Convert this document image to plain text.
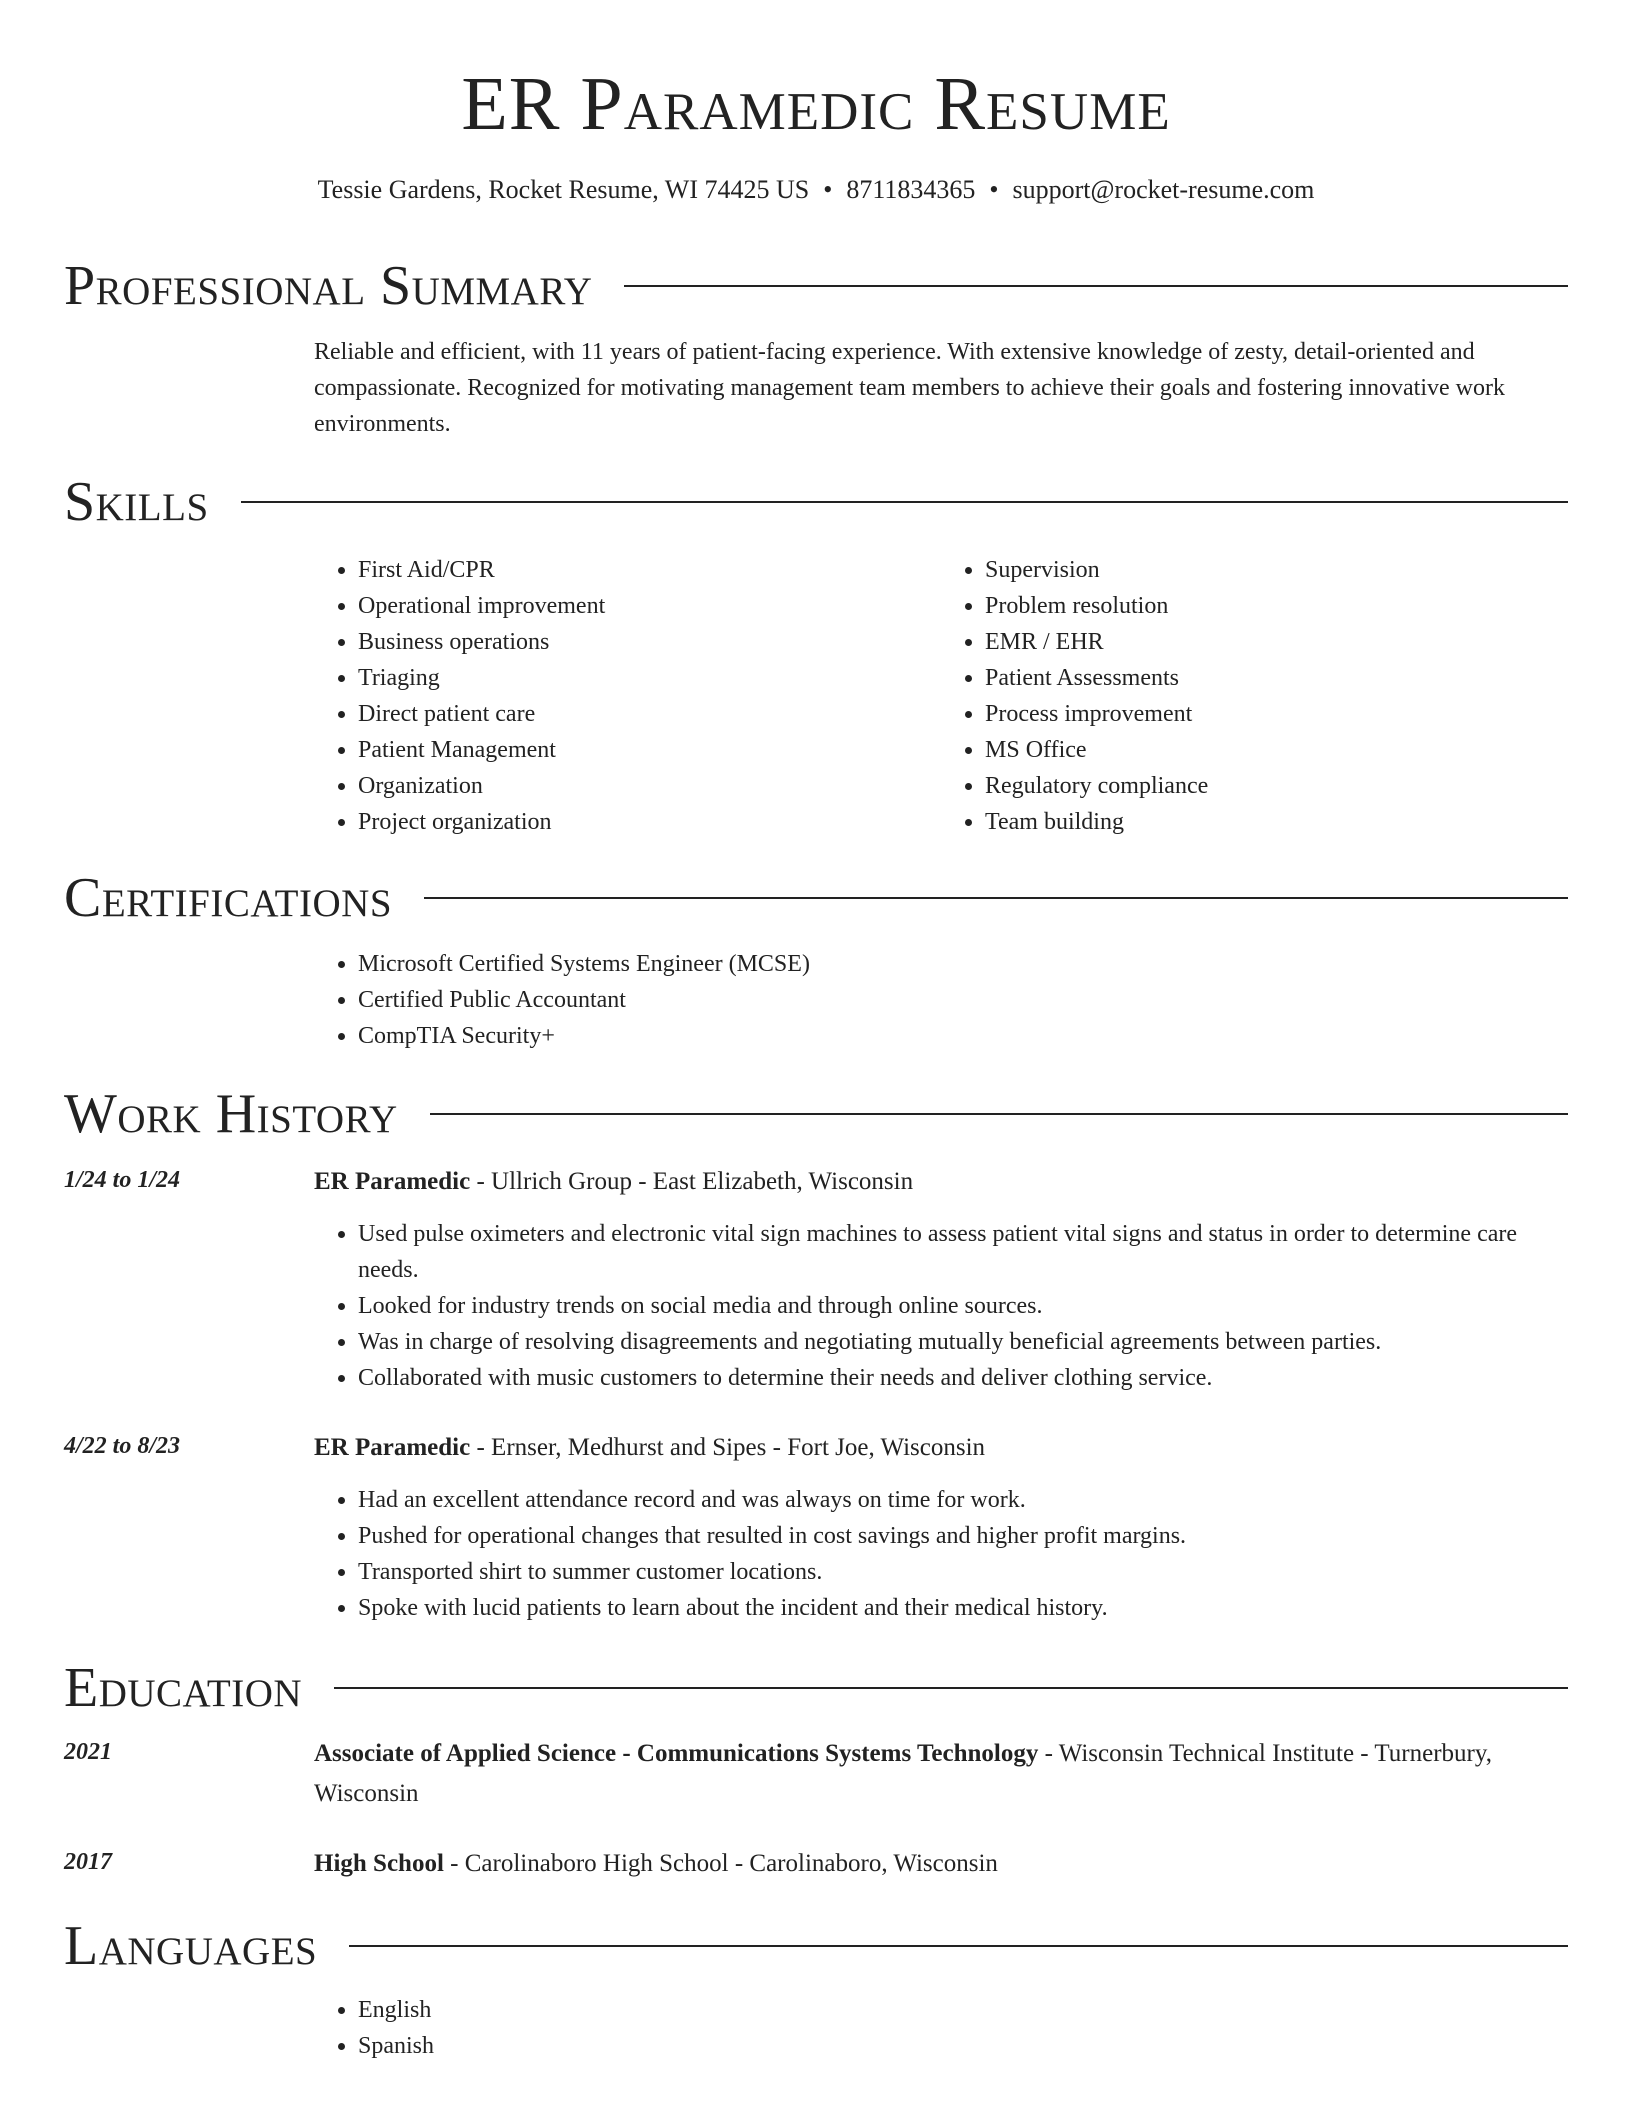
ER Paramedic Resume

Tessie Gardens, Rocket Resume, WI 74425 US • 8711834365 • support@rocket-resume.com

Professional Summary

Reliable and efficient, with 11 years of patient-facing experience. With extensive knowledge of zesty, detail-oriented and compassionate. Recognized for motivating management team members to achieve their goals and fostering innovative work environments.

Skills
• First Aid/CPR
• Operational improvement
• Business operations
• Triaging
• Direct patient care
• Patient Management
• Organization
• Project organization
• Supervision
• Problem resolution
• EMR / EHR
• Patient Assessments
• Process improvement
• MS Office
• Regulatory compliance
• Team building
Certifications
• Microsoft Certified Systems Engineer (MCSE)
• Certified Public Accountant
• CompTIA Security+
Work History
1/24 to 1/24	ER Paramedic - Ullrich Group - East Elizabeth, Wisconsin

• Used pulse oximeters and electronic vital sign machines to assess patient vital signs and status in order to determine care needs.
• Looked for industry trends on social media and through online sources.
• Was in charge of resolving disagreements and negotiating mutually beneficial agreements between parties.
• Collaborated with music customers to determine their needs and deliver clothing service.
4/22 to 8/23	ER Paramedic - Ernser, Medhurst and Sipes - Fort Joe, Wisconsin

• Had an excellent attendance record and was always on time for work.
• Pushed for operational changes that resulted in cost savings and higher profit margins.
• Transported shirt to summer customer locations.
• Spoke with lucid patients to learn about the incident and their medical history.
Education
2021	Associate of Applied Science - Communications Systems Technology - Wisconsin Technical Institute - Turnerbury, Wisconsin

2017	High School - Carolinaboro High School - Carolinaboro, Wisconsin

Languages
• English
• Spanish
